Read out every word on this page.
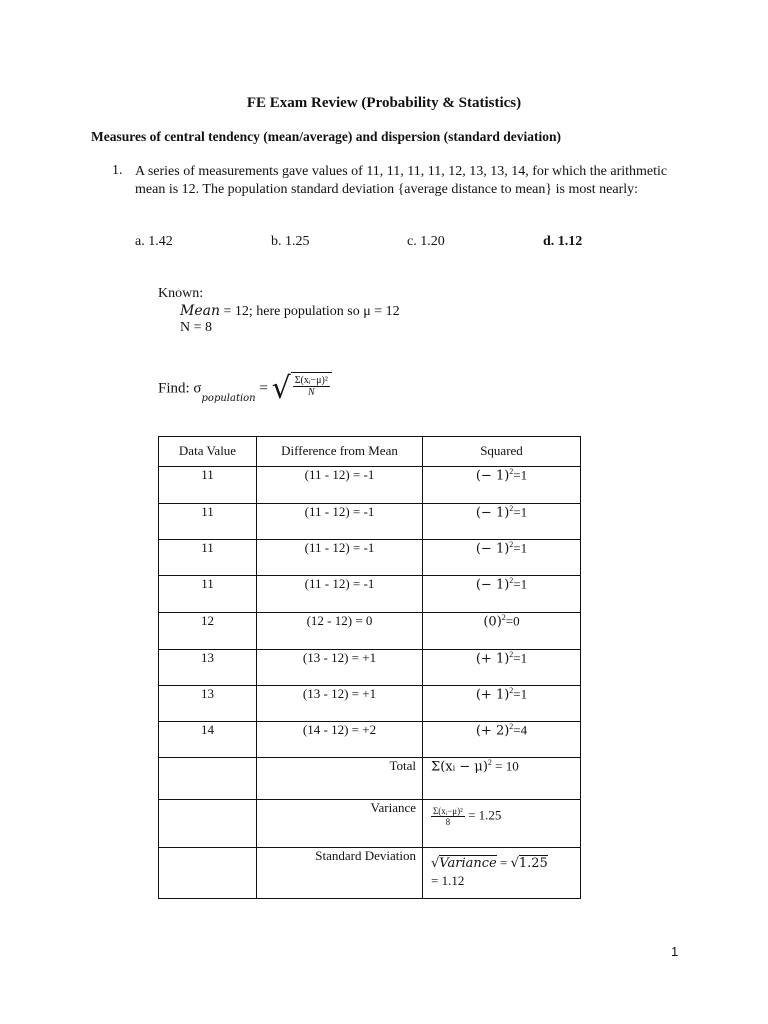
FE Exam Review (Probability & Statistics)
Measures of central tendency (mean/average) and dispersion (standard deviation)
1. A series of measurements gave values of 11, 11, 11, 11, 12, 13, 13, 14, for which the arithmetic mean is 12. The population standard deviation {average distance to mean} is most nearly:
a. 1.42	b. 1.25	c. 1.20	d. 1.12
Known:
Mean = 12; here population so μ = 12
N = 8
Find: $\sigma_{population}$ = √ $\frac{\text{Σ(xᵢ−μ)²}}{N}$
Data Value	Difference from Mean	Squared
11	(11 - 12) = -1	(− 1)$^2$=1
11	(11 - 12) = -1	(− 1)$^2$=1
11	(11 - 12) = -1	(− 1)$^2$=1
11	(11 - 12) = -1	(− 1)$^2$=1
12	(12 - 12) = 0	$(0)^2=0$
13	(13 - 12) = +1	(+ 1)$^2$=1
13	(13 - 12) = +1	(+ 1)$^2$=1
14	(14 - 12) = +2	(+ 2)$^2$=4
	Total	Σ(xᵢ − μ)$^2$ = 10
	Variance	$\frac{\text{Σ(xᵢ−μ)²}}{8} = 1.25$
	Standard Deviation	√Variance = √1.25
= 1.12
1
